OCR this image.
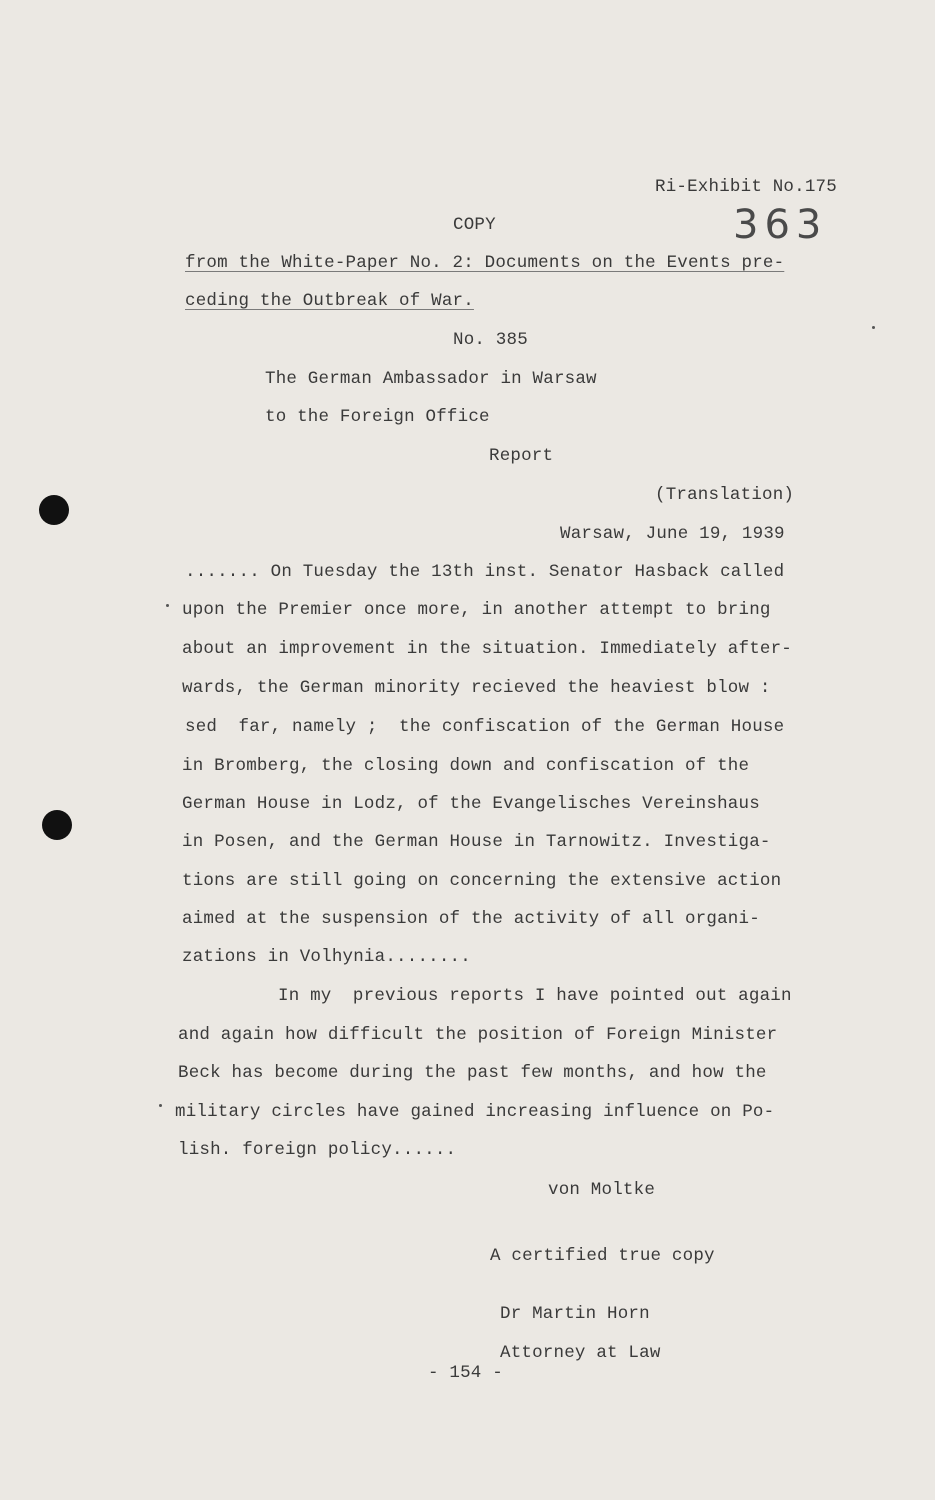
Ri-Exhibit No.175
363
COPY
from the White-Paper No. 2: Documents on the Events pre-
ceding the Outbreak of War.
No. 385
The German Ambassador in Warsaw
to the Foreign Office
Report
(Translation)
Warsaw, June 19, 1939
....... On Tuesday the 13th inst. Senator Hasback called
upon the Premier once more, in another attempt to bring
about an improvement in the situation. Immediately after-
wards, the German minority recieved the heaviest blow :
sed  far, namely ;  the confiscation of the German House
in Bromberg, the closing down and confiscation of the
German House in Lodz, of the Evangelisches Vereinshaus
in Posen, and the German House in Tarnowitz. Investiga-
tions are still going on concerning the extensive action
aimed at the suspension of the activity of all organi-
zations in Volhynia........
In my  previous reports I have pointed out again
and again how difficult the position of Foreign Minister
Beck has become during the past few months, and how the
military circles have gained increasing influence on Po-
lish. foreign policy......
von Moltke
A certified true copy
Dr Martin Horn
Attorney at Law
- 154 -
